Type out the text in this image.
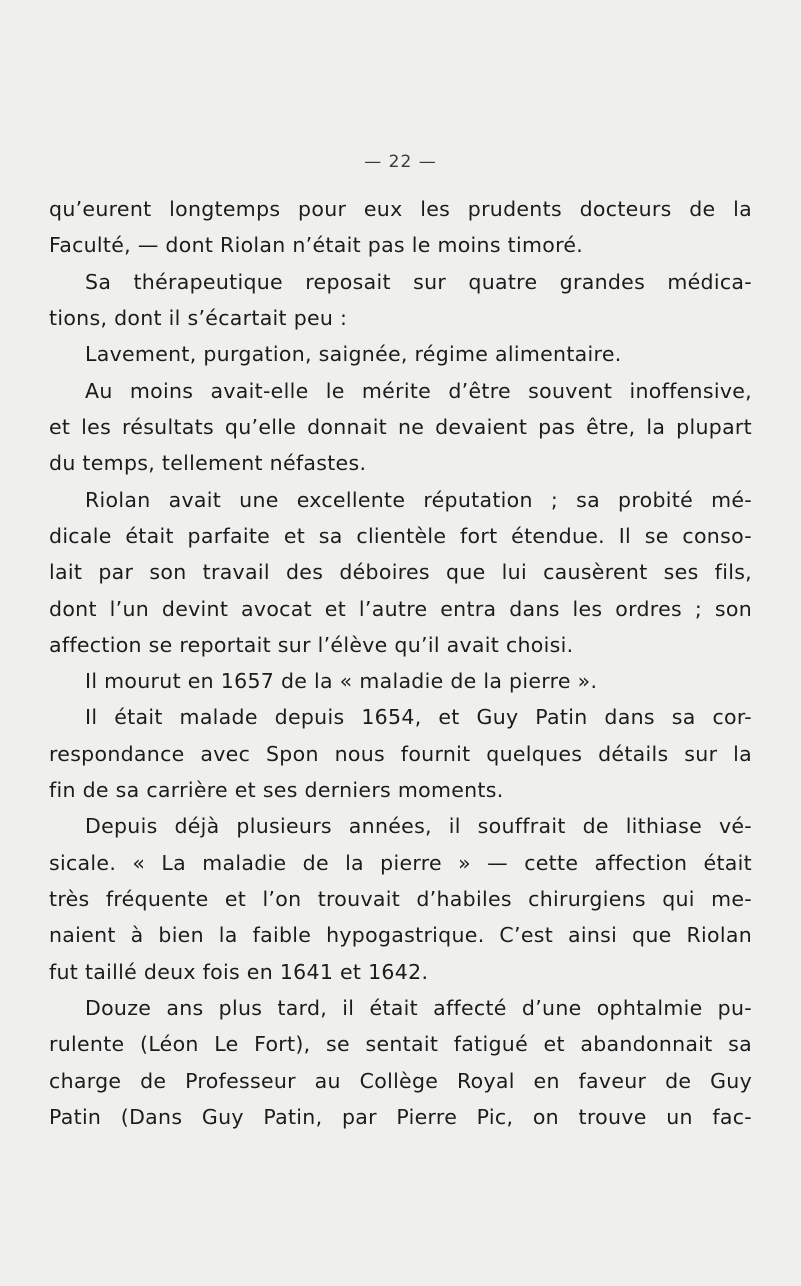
— 22 —
qu’eurent longtemps pour eux les prudents docteurs de la
Faculté, — dont Riolan n’était pas le moins timoré.
Sa thérapeutique reposait sur quatre grandes médica-
tions, dont il s’écartait peu :
Lavement, purgation, saignée, régime alimentaire.
Au moins avait-elle le mérite d’être souvent inoffensive,
et les résultats qu’elle donnait ne devaient pas être, la plupart
du temps, tellement néfastes.
Riolan avait une excellente réputation ; sa probité mé-
dicale était parfaite et sa clientèle fort étendue. Il se conso-
lait par son travail des déboires que lui causèrent ses fils,
dont l’un devint avocat et l’autre entra dans les ordres ; son
affection se reportait sur l’élève qu’il avait choisi.
Il mourut en 1657 de la « maladie de la pierre ».
Il était malade depuis 1654, et Guy Patin dans sa cor-
respondance avec Spon nous fournit quelques détails sur la
fin de sa carrière et ses derniers moments.
Depuis déjà plusieurs années, il souffrait de lithiase vé-
sicale. « La maladie de la pierre » — cette affection était
très fréquente et l’on trouvait d’habiles chirurgiens qui me-
naient à bien la faible hypogastrique. C’est ainsi que Riolan
fut taillé deux fois en 1641 et 1642.
Douze ans plus tard, il était affecté d’une ophtalmie pu-
rulente (Léon Le Fort), se sentait fatigué et abandonnait sa
charge de Professeur au Collège Royal en faveur de Guy
Patin (Dans Guy Patin, par Pierre Pic, on trouve un fac-
